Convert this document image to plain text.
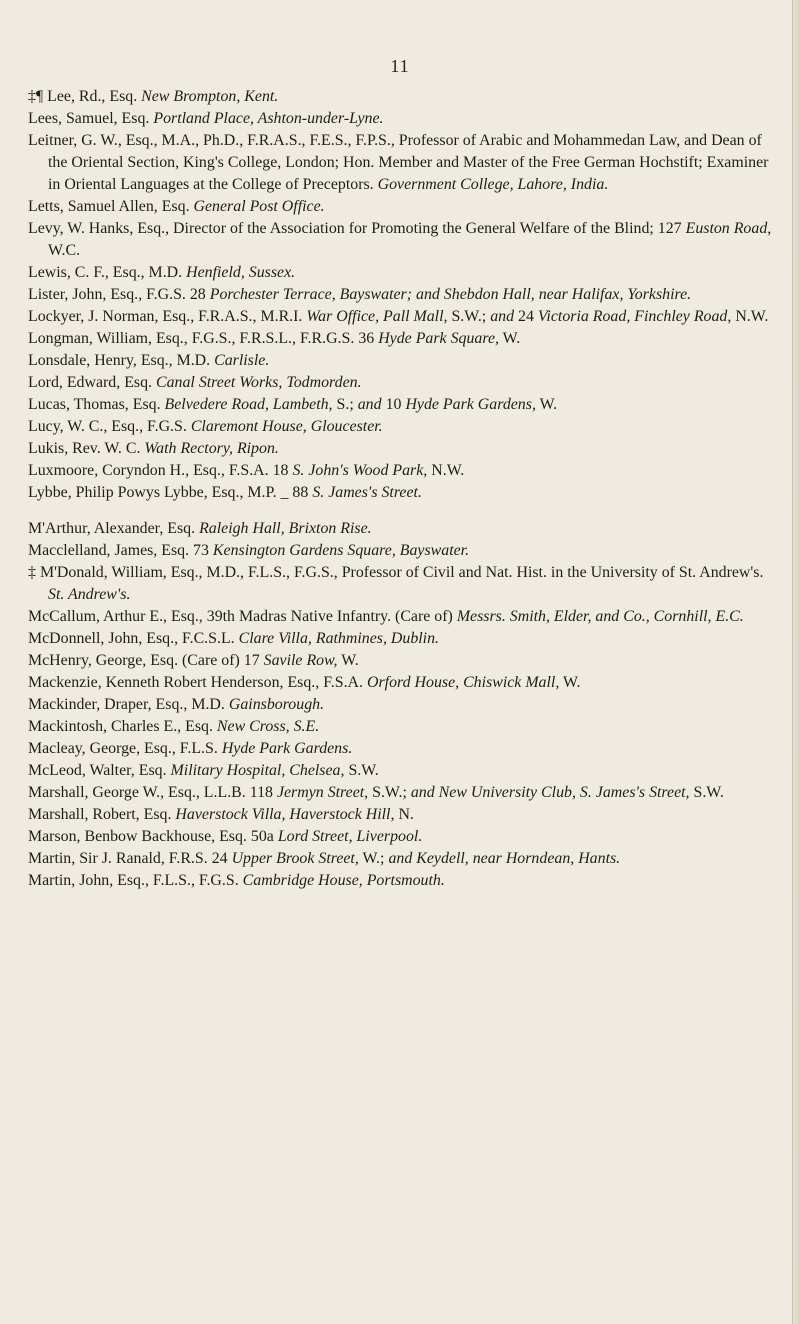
11
‡¶ Lee, Rd., Esq. New Brompton, Kent.
Lees, Samuel, Esq. Portland Place, Ashton-under-Lyne.
Leitner, G. W., Esq., M.A., Ph.D., F.R.A.S., F.E.S., F.P.S., Professor of Arabic and Mohammedan Law, and Dean of the Oriental Section, King's College, London; Hon. Member and Master of the Free German Hochstift; Examiner in Oriental Languages at the College of Preceptors. Government College, Lahore, India.
Letts, Samuel Allen, Esq. General Post Office.
Levy, W. Hanks, Esq., Director of the Association for Promoting the General Welfare of the Blind; 127 Euston Road, W.C.
Lewis, C. F., Esq., M.D. Henfield, Sussex.
Lister, John, Esq., F.G.S. 28 Porchester Terrace, Bayswater; and Shebdon Hall, near Halifax, Yorkshire.
Lockyer, J. Norman, Esq., F.R.A.S., M.R.I. War Office, Pall Mall, S.W.; and 24 Victoria Road, Finchley Road, N.W.
Longman, William, Esq., F.G.S., F.R.S.L., F.R.G.S. 36 Hyde Park Square, W.
Lonsdale, Henry, Esq., M.D. Carlisle.
Lord, Edward, Esq. Canal Street Works, Todmorden.
Lucas, Thomas, Esq. Belvedere Road, Lambeth, S.; and 10 Hyde Park Gardens, W.
Lucy, W. C., Esq., F.G.S. Claremont House, Gloucester.
Lukis, Rev. W. C. Wath Rectory, Ripon.
Luxmoore, Coryndon H., Esq., F.S.A. 18 S. John's Wood Park, N.W.
Lybbe, Philip Powys Lybbe, Esq., M.P. _ 88 S. James's Street.
M'Arthur, Alexander, Esq. Raleigh Hall, Brixton Rise.
Macclelland, James, Esq. 73 Kensington Gardens Square, Bayswater.
‡ M'Donald, William, Esq., M.D., F.L.S., F.G.S., Professor of Civil and Nat. Hist. in the University of St. Andrew's. St. Andrew's.
McCallum, Arthur E., Esq., 39th Madras Native Infantry. (Care of) Messrs. Smith, Elder, and Co., Cornhill, E.C.
McDonnell, John, Esq., F.C.S.L. Clare Villa, Rathmines, Dublin.
McHenry, George, Esq. (Care of) 17 Savile Row, W.
Mackenzie, Kenneth Robert Henderson, Esq., F.S.A. Orford House, Chiswick Mall, W.
Mackinder, Draper, Esq., M.D. Gainsborough.
Mackintosh, Charles E., Esq. New Cross, S.E.
Macleay, George, Esq., F.L.S. Hyde Park Gardens.
McLeod, Walter, Esq. Military Hospital, Chelsea, S.W.
Marshall, George W., Esq., L.L.B. 118 Jermyn Street, S.W.; and New University Club, S. James's Street, S.W.
Marshall, Robert, Esq. Haverstock Villa, Haverstock Hill, N.
Marson, Benbow Backhouse, Esq. 50a Lord Street, Liverpool.
Martin, Sir J. Ranald, F.R.S. 24 Upper Brook Street, W.; and Keydell, near Horndean, Hants.
Martin, John, Esq., F.L.S., F.G.S. Cambridge House, Portsmouth.
